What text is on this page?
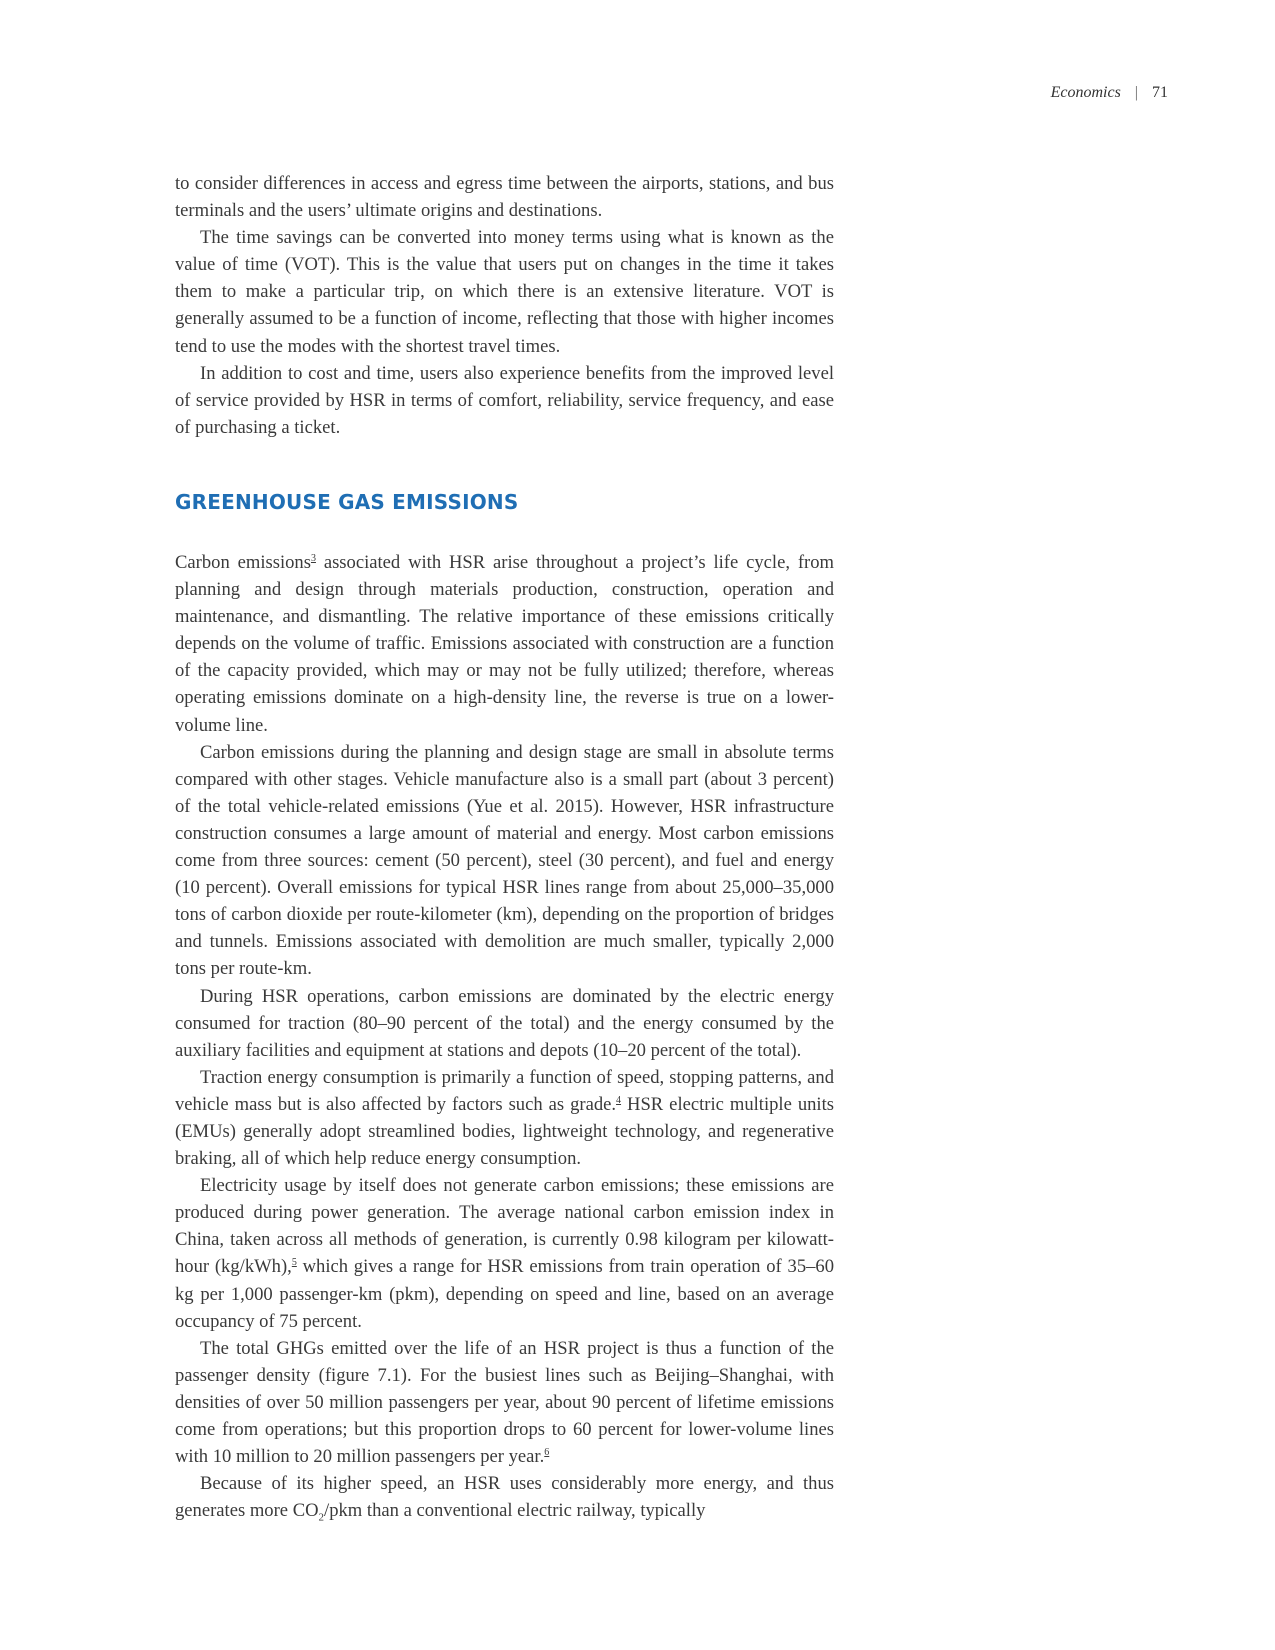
Economics | 71

to consider differences in access and egress time between the airports, stations, and bus terminals and the users’ ultimate origins and destinations.

The time savings can be converted into money terms using what is known as the value of time (VOT). This is the value that users put on changes in the time it takes them to make a particular trip, on which there is an extensive literature. VOT is generally assumed to be a function of income, reflecting that those with higher incomes tend to use the modes with the shortest travel times.

In addition to cost and time, users also experience benefits from the improved level of service provided by HSR in terms of comfort, reliability, service frequency, and ease of purchasing a ticket.

GREENHOUSE GAS EMISSIONS

Carbon emissions$^3$ associated with HSR arise throughout a project’s life cycle, from planning and design through materials production, construction, operation and maintenance, and dismantling. The relative importance of these emissions critically depends on the volume of traffic. Emissions associated with construction are a function of the capacity provided, which may or may not be fully utilized; therefore, whereas operating emissions dominate on a high-density line, the reverse is true on a lower-volume line.

Carbon emissions during the planning and design stage are small in absolute terms compared with other stages. Vehicle manufacture also is a small part (about 3 percent) of the total vehicle-related emissions (Yue et al. 2015). However, HSR infrastructure construction consumes a large amount of material and energy. Most carbon emissions come from three sources: cement (50 percent), steel (30 percent), and fuel and energy (10 percent). Overall emissions for typical HSR lines range from about 25,000–35,000 tons of carbon dioxide per route-kilometer (km), depending on the proportion of bridges and tunnels. Emissions associated with demolition are much smaller, typically 2,000 tons per route-km.

During HSR operations, carbon emissions are dominated by the electric energy consumed for traction (80–90 percent of the total) and the energy consumed by the auxiliary facilities and equipment at stations and depots (10–20 percent of the total).

Traction energy consumption is primarily a function of speed, stopping patterns, and vehicle mass but is also affected by factors such as grade.$^4$ HSR electric multiple units (EMUs) generally adopt streamlined bodies, lightweight technology, and regenerative braking, all of which help reduce energy consumption.

Electricity usage by itself does not generate carbon emissions; these emissions are produced during power generation. The average national carbon emission index in China, taken across all methods of generation, is currently 0.98 kilogram per kilowatt-hour (kg/kWh),$^5$ which gives a range for HSR emissions from train operation of 35–60 kg per 1,000 passenger-km (pkm), depending on speed and line, based on an average occupancy of 75 percent.

The total GHGs emitted over the life of an HSR project is thus a function of the passenger density (figure 7.1). For the busiest lines such as Beijing–Shanghai, with densities of over 50 million passengers per year, about 90 percent of lifetime emissions come from operations; but this proportion drops to 60 percent for lower-volume lines with 10 million to 20 million passengers per year.$^6$

Because of its higher speed, an HSR uses considerably more energy, and thus generates more $CO_2$/pkm than a conventional electric railway, typically
